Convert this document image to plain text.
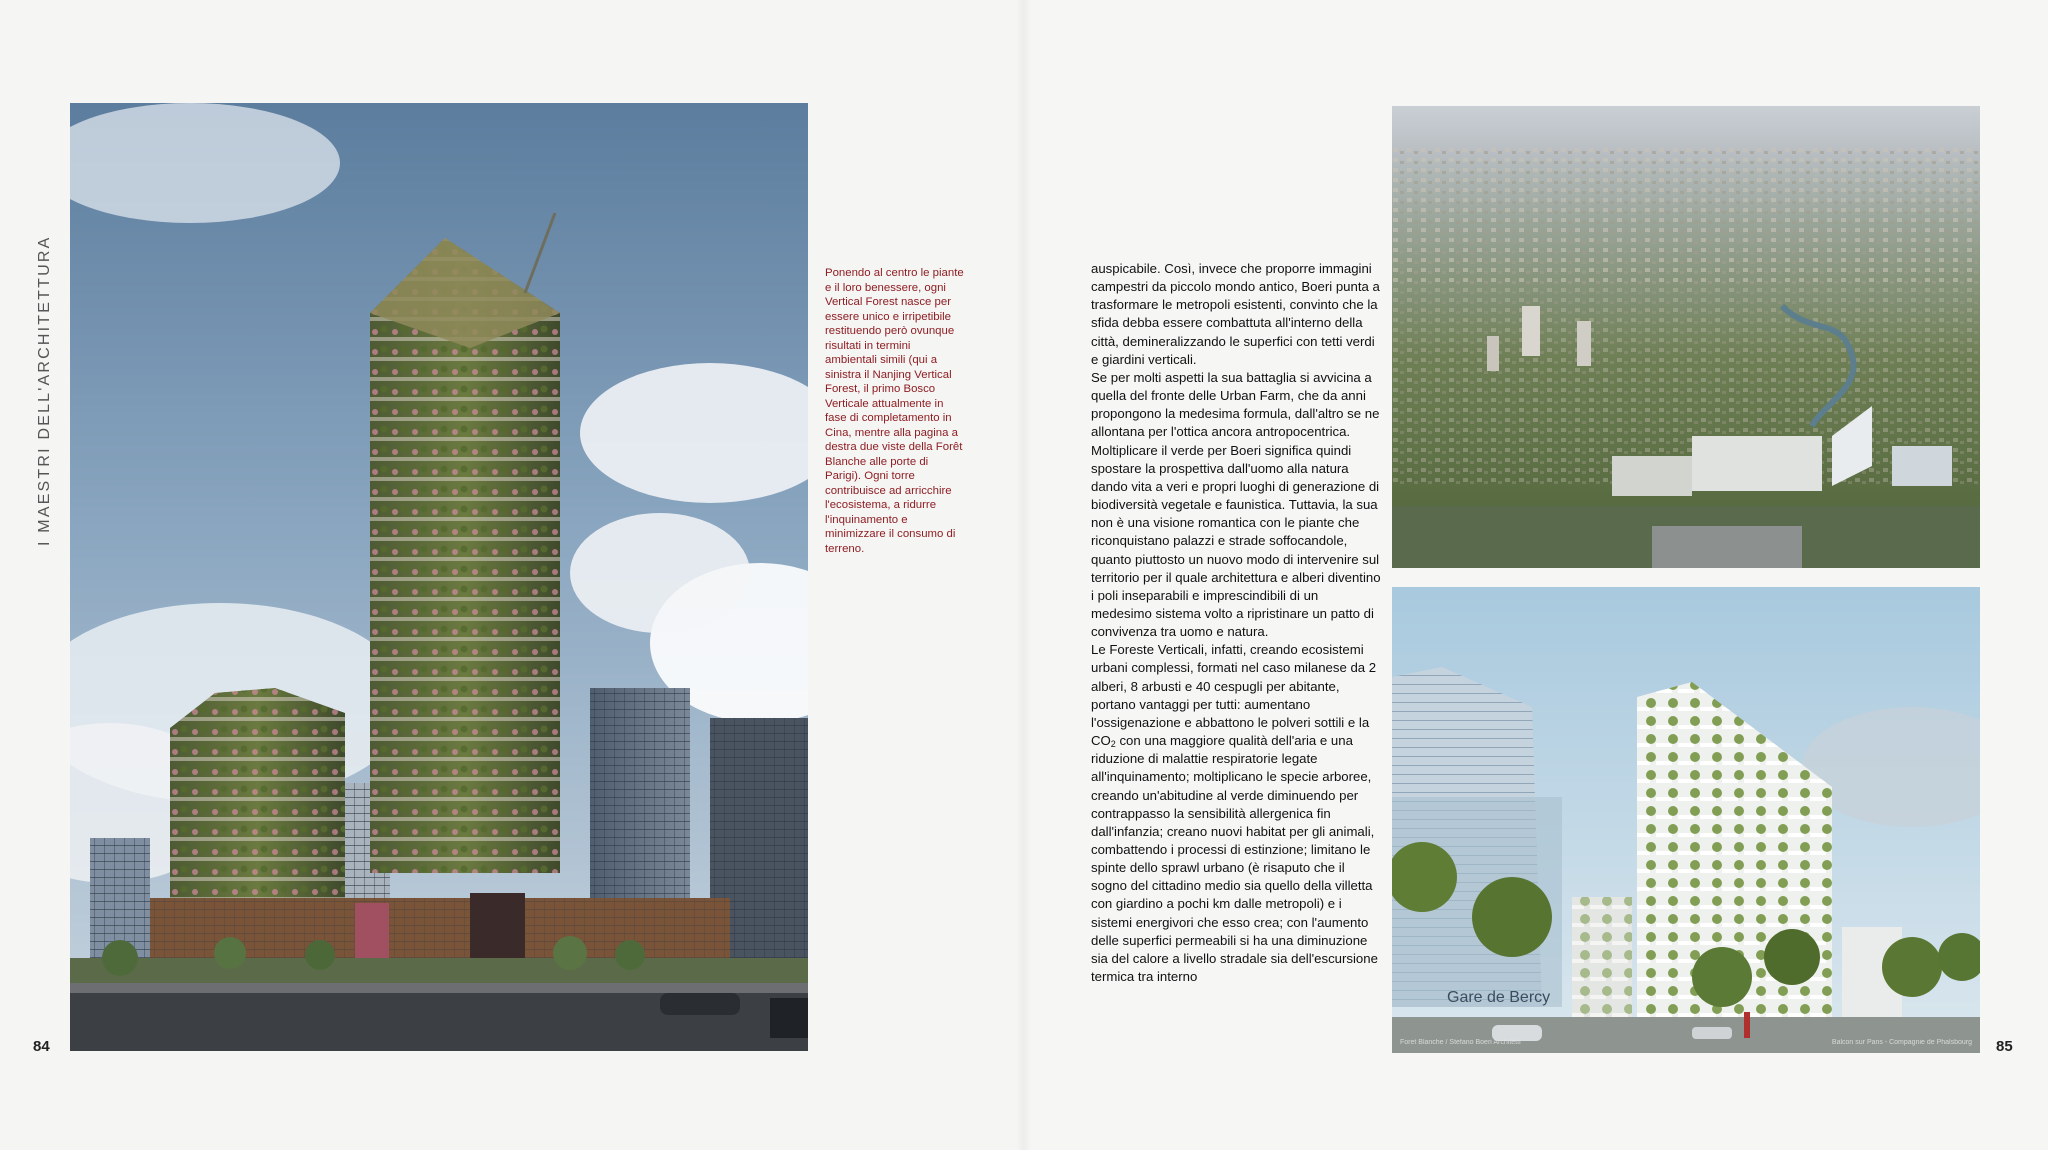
I MAESTRI DELL'ARCHITETTURA
84
Ponendo al centro le piante e il loro benessere, ogni Vertical Forest nasce per essere unico e irripetibile restituendo però ovunque risultati in termini ambientali simili (qui a sinistra il Nanjing Vertical Forest, il primo Bosco Verticale attualmente in fase di completamento in Cina, mentre alla pagina a destra due viste della Forêt Blanche alle porte di Parigi). Ogni torre contribuisce ad arricchire l'ecosistema, a ridurre l'inquinamento e minimizzare il consumo di terreno.

auspicabile. Così, invece che proporre immagini campestri da piccolo mondo antico, Boeri punta a trasformare le metropoli esistenti, convinto che la sfida debba essere combattuta all'interno della città, demineralizzando le superfici con tetti verdi e giardini verticali.

Se per molti aspetti la sua battaglia si avvicina a quella del fronte delle Urban Farm, che da anni propongono la medesima formula, dall'altro se ne allontana per l'ottica ancora antropocentrica. Moltiplicare il verde per Boeri significa quindi spostare la prospettiva dall'uomo alla natura dando vita a veri e propri luoghi di generazione di biodiversità vegetale e faunistica. Tuttavia, la sua non è una visione romantica con le piante che riconquistano palazzi e strade soffocandole, quanto piuttosto un nuovo modo di intervenire sul territorio per il quale architettura e alberi diventino i poli inseparabili e imprescindibili di un medesimo sistema volto a ripristinare un patto di convivenza tra uomo e natura.

Le Foreste Verticali, infatti, creando ecosistemi urbani complessi, formati nel caso milanese da 2 alberi, 8 arbusti e 40 cespugli per abitante, portano vantaggi per tutti: aumentano l'ossigenazione e abbattono le polveri sottili e la $CO_2$ con una maggiore qualità dell'aria e una riduzione di malattie respiratorie legate all'inquinamento; moltiplicano le specie arboree, creando un'abitudine al verde diminuendo per contrappasso la sensibilità allergenica fin dall'infanzia; creano nuovi habitat per gli animali, combattendo i processi di estinzione; limitano le spinte dello sprawl urbano (è risaputo che il sogno del cittadino medio sia quello della villetta con giardino a pochi km dalle metropoli) e i sistemi energivori che esso crea; con l'aumento delle superfici permeabili si ha una diminuzione sia del calore a livello stradale sia dell'escursione termica tra interno

Gare de Bercy
Foret Blanche / Stefano Boeri Architetti	Balcon sur Paris - Compagnie de Phalsbourg 85
